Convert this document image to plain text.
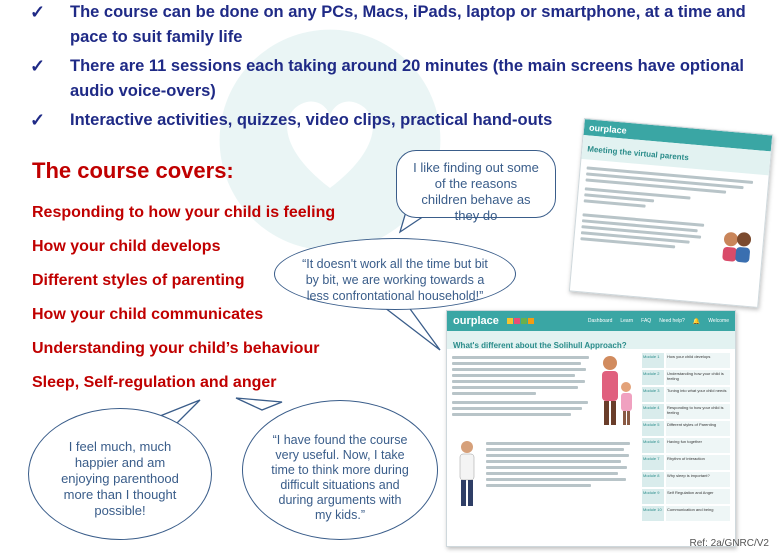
✓ The course can be done on any PCs, Macs, iPads, laptop or smartphone, at a time and pace to suit family life
✓ There are 11 sessions each taking around 20 minutes (the main screens have optional audio voice-overs)
✓ Interactive activities, quizzes, video clips, practical hand-outs
The course covers:
Responding to how your child is feeling
How your child develops
Different styles of parenting
How your child communicates
Understanding your child’s behaviour
Sleep, Self-regulation and anger
ourplace
Meeting the virtual parents
ourplace	Dashboard Learn FAQ Need help? 🔔 Welcome
What's different about the Solihull Approach?
Module 1	How your child develops
Module 2	Understanding how your child is feeling
Module 3	Tuning into what your child needs
Module 4	Responding to how your child is feeling
Module 5	Different styles of Parenting
Module 6	Having fun together
Module 7	Rhythm of interaction
Module 8	Why sleep is important?
Module 9	Self Regulation and Anger
Module 10	Communication and being
I like finding out some of the reasons children behave as they do
“It doesn't work all the time but bit by bit, we are working towards a less confrontational household!”
I feel much, much happier and am enjoying parenthood more than I thought possible!
“I have found the course very useful. Now, I take time to think more during difficult situations and during arguments with my kids.”
Ref: 2a/GNRC/V2
